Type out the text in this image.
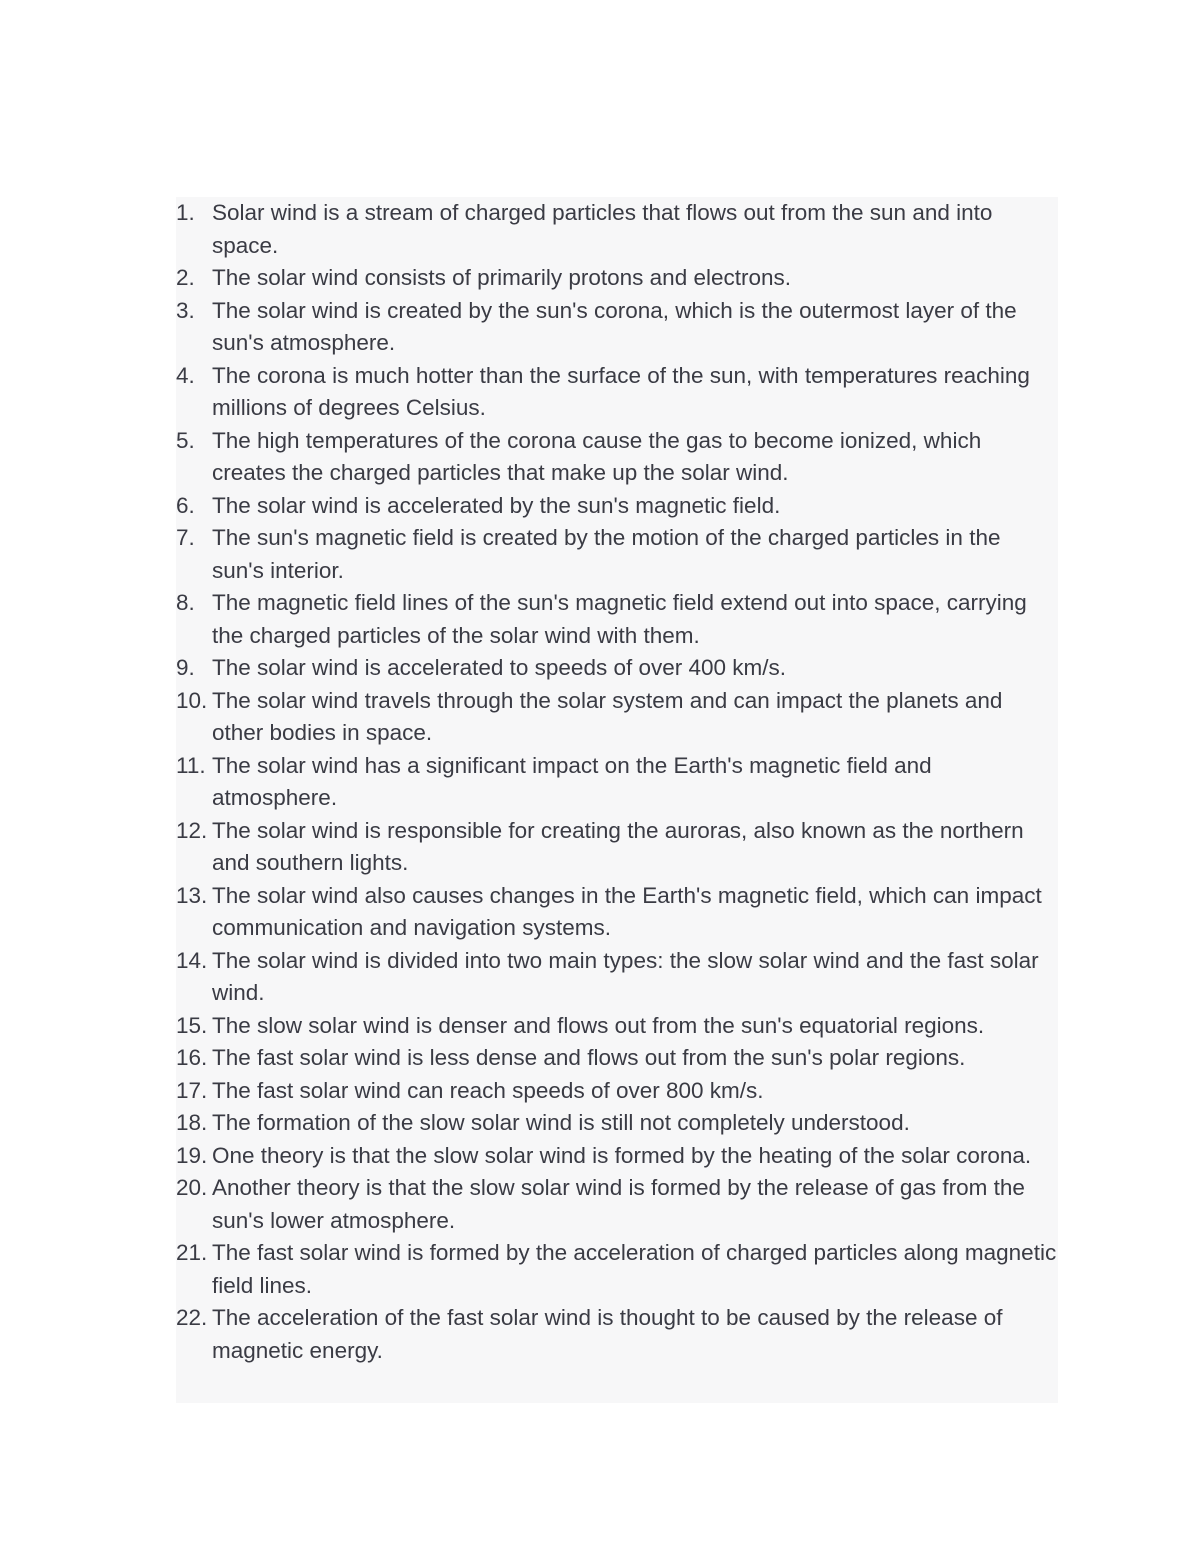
1. Solar wind is a stream of charged particles that flows out from the sun and into space.
2. The solar wind consists of primarily protons and electrons.
3. The solar wind is created by the sun's corona, which is the outermost layer of the sun's atmosphere.
4. The corona is much hotter than the surface of the sun, with temperatures reaching millions of degrees Celsius.
5. The high temperatures of the corona cause the gas to become ionized, which creates the charged particles that make up the solar wind.
6. The solar wind is accelerated by the sun's magnetic field.
7. The sun's magnetic field is created by the motion of the charged particles in the sun's interior.
8. The magnetic field lines of the sun's magnetic field extend out into space, carrying the charged particles of the solar wind with them.
9. The solar wind is accelerated to speeds of over 400 km/s.
10. The solar wind travels through the solar system and can impact the planets and other bodies in space.
11. The solar wind has a significant impact on the Earth's magnetic field and atmosphere.
12. The solar wind is responsible for creating the auroras, also known as the northern and southern lights.
13. The solar wind also causes changes in the Earth's magnetic field, which can impact communication and navigation systems.
14. The solar wind is divided into two main types: the slow solar wind and the fast solar wind.
15. The slow solar wind is denser and flows out from the sun's equatorial regions.
16. The fast solar wind is less dense and flows out from the sun's polar regions.
17. The fast solar wind can reach speeds of over 800 km/s.
18. The formation of the slow solar wind is still not completely understood.
19. One theory is that the slow solar wind is formed by the heating of the solar corona.
20. Another theory is that the slow solar wind is formed by the release of gas from the sun's lower atmosphere.
21. The fast solar wind is formed by the acceleration of charged particles along magnetic field lines.
22. The acceleration of the fast solar wind is thought to be caused by the release of magnetic energy.
